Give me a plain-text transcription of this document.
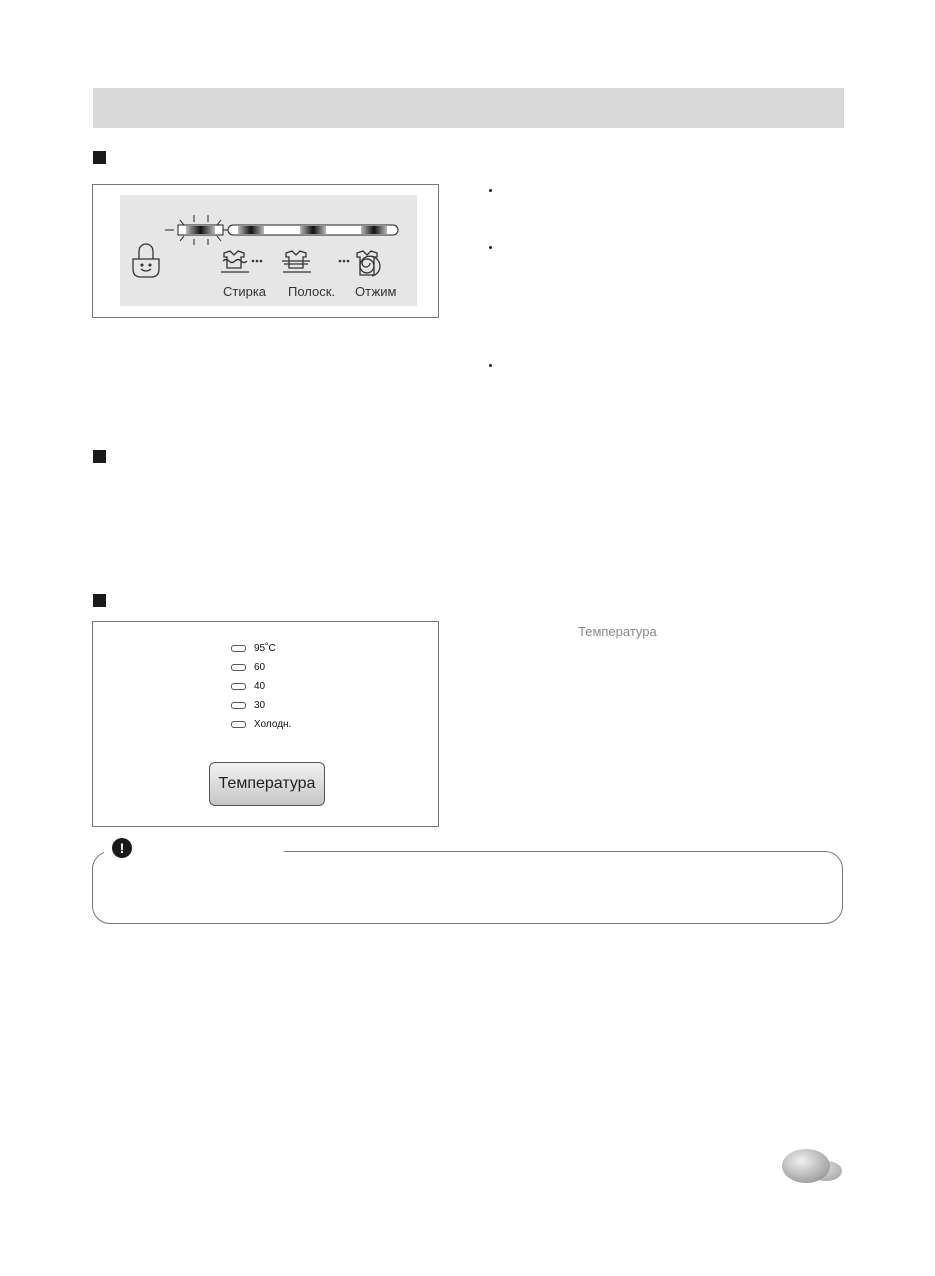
Стирка Полоск. Отжим
95˚C
60
40
30
Холодн.
Температура
Температура
!
